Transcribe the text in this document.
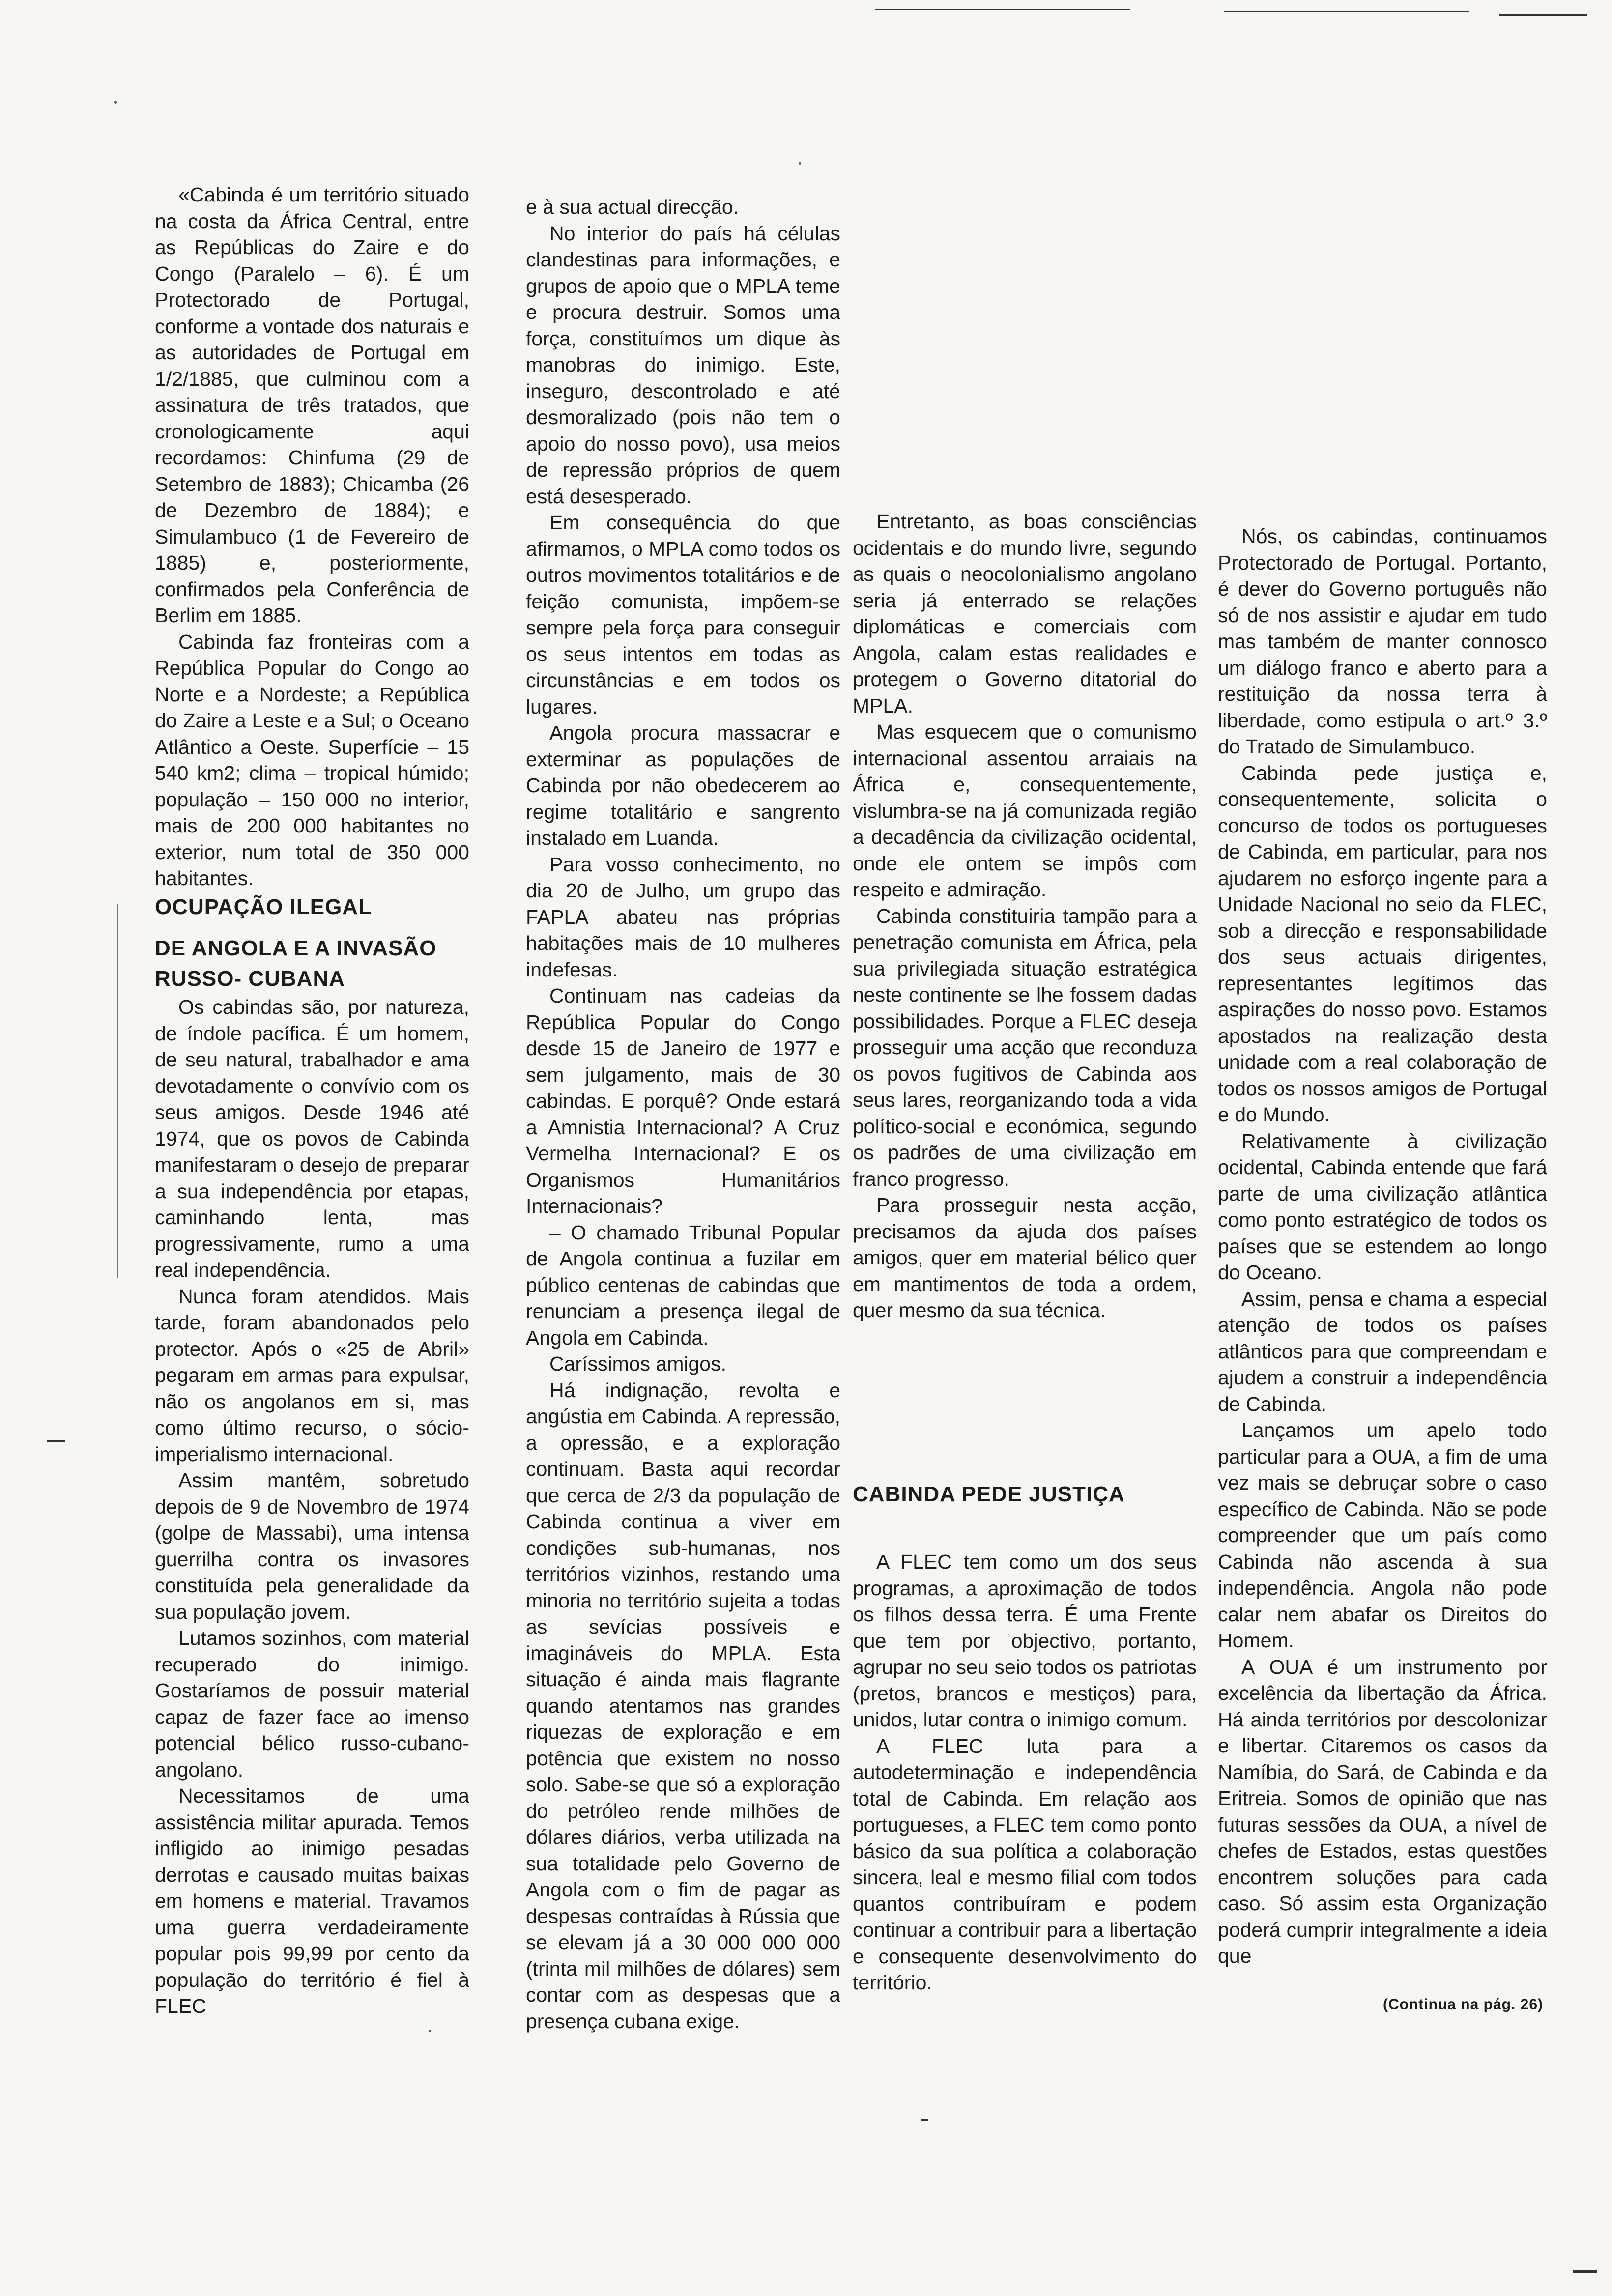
«Cabinda é um território situado na costa da África Central, entre as Repúblicas do Zaire e do Congo (Paralelo – 6). É um Protectorado de Portugal, conforme a vontade dos naturais e as autoridades de Portugal em 1/2/1885, que culminou com a assinatura de três tratados, que cronologicamente aqui recordamos: Chinfuma (29 de Setembro de 1883); Chicamba (26 de Dezembro de 1884); e Simulambuco (1 de Fevereiro de 1885) e, posteriormente, confirmados pela Conferência de Berlim em 1885.

Cabinda faz fronteiras com a República Popular do Congo ao Norte e a Nordeste; a República do Zaire a Leste e a Sul; o Oceano Atlântico a Oeste. Superfície – 15 540 km2; clima – tropical húmido; população – 150 000 no interior, mais de 200 000 habitantes no exterior, num total de 350 000 habitantes.

OCUPAÇÃO ILEGAL
DE ANGOLA E A INVASÃO
RUSSO- CUBANA

Os cabindas são, por natureza, de índole pacífica. É um homem, de seu natural, trabalhador e ama devotadamente o convívio com os seus amigos. Desde 1946 até 1974, que os povos de Cabinda manifestaram o desejo de preparar a sua independência por etapas, caminhando lenta, mas progressivamente, rumo a uma real independência.

Nunca foram atendidos. Mais tarde, foram abandonados pelo protector. Após o «25 de Abril» pegaram em armas para expulsar, não os angolanos em si, mas como último recurso, o sócio-imperialismo internacional.

Assim mantêm, sobretudo depois de 9 de Novembro de 1974 (golpe de Massabi), uma intensa guerrilha contra os invasores constituída pela generalidade da sua população jovem.

Lutamos sozinhos, com material recuperado do inimigo. Gostaríamos de possuir material capaz de fazer face ao imenso potencial bélico russo-cubano-angolano.

Necessitamos de uma assistência militar apurada. Temos infligido ao inimigo pesadas derrotas e causado muitas baixas em homens e material. Travamos uma guerra verdadeiramente popular pois 99,99 por cento da população do território é fiel à FLEC

e à sua actual direcção.

No interior do país há células clandestinas para informações, e grupos de apoio que o MPLA teme e procura destruir. Somos uma força, constituímos um dique às manobras do inimigo. Este, inseguro, descontrolado e até desmoralizado (pois não tem o apoio do nosso povo), usa meios de repressão próprios de quem está desesperado.

Em consequência do que afirmamos, o MPLA como todos os outros movimentos totalitários e de feição comunista, impõem-se sempre pela força para conseguir os seus intentos em todas as circunstâncias e em todos os lugares.

Angola procura massacrar e exterminar as populações de Cabinda por não obedecerem ao regime totalitário e sangrento instalado em Luanda.

Para vosso conhecimento, no dia 20 de Julho, um grupo das FAPLA abateu nas próprias habitações mais de 10 mulheres indefesas.

Continuam nas cadeias da República Popular do Congo desde 15 de Janeiro de 1977 e sem julgamento, mais de 30 cabindas. E porquê? Onde estará a Amnistia Internacional? A Cruz Vermelha Internacional? E os Organismos Humanitários Internacionais?

– O chamado Tribunal Popular de Angola continua a fuzilar em público centenas de cabindas que renunciam a presença ilegal de Angola em Cabinda.

Caríssimos amigos.

Há indignação, revolta e angústia em Cabinda. A repressão, a opressão, e a exploração continuam. Basta aqui recordar que cerca de 2/3 da população de Cabinda continua a viver em condições sub-humanas, nos territórios vizinhos, restando uma minoria no território sujeita a todas as sevícias possíveis e imagináveis do MPLA. Esta situação é ainda mais flagrante quando atentamos nas grandes riquezas de exploração e em potência que existem no nosso solo. Sabe-se que só a exploração do petróleo rende milhões de dólares diários, verba utilizada na sua totalidade pelo Governo de Angola com o fim de pagar as despesas contraídas à Rússia que se elevam já a 30 000 000 000 (trinta mil milhões de dólares) sem contar com as despesas que a presença cubana exige.

Entretanto, as boas consciências ocidentais e do mundo livre, segundo as quais o neocolonialismo angolano seria já enterrado se relações diplomáticas e comerciais com Angola, calam estas realidades e protegem o Governo ditatorial do MPLA.

Mas esquecem que o comunismo internacional assentou arraiais na África e, consequentemente, vislumbra-se na já comunizada região a decadência da civilização ocidental, onde ele ontem se impôs com respeito e admiração.

Cabinda constituiria tampão para a penetração comunista em África, pela sua privilegiada situação estratégica neste continente se lhe fossem dadas possibilidades. Porque a FLEC deseja prosseguir uma acção que reconduza os povos fugitivos de Cabinda aos seus lares, reorganizando toda a vida político-social e económica, segundo os padrões de uma civilização em franco progresso.

Para prosseguir nesta acção, precisamos da ajuda dos países amigos, quer em material bélico quer em mantimentos de toda a ordem, quer mesmo da sua técnica.

CABINDA PEDE JUSTIÇA

A FLEC tem como um dos seus programas, a aproximação de todos os filhos dessa terra. É uma Frente que tem por objectivo, portanto, agrupar no seu seio todos os patriotas (pretos, brancos e mestiços) para, unidos, lutar contra o inimigo comum.

A FLEC luta para a autodeterminação e independência total de Cabinda. Em relação aos portugueses, a FLEC tem como ponto básico da sua política a colaboração sincera, leal e mesmo filial com todos quantos contribuíram e podem continuar a contribuir para a libertação e consequente desenvolvimento do território.

Nós, os cabindas, continuamos Protectorado de Portugal. Portanto, é dever do Governo português não só de nos assistir e ajudar em tudo mas também de manter connosco um diálogo franco e aberto para a restituição da nossa terra à liberdade, como estipula o art.º 3.º do Tratado de Simulambuco.

Cabinda pede justiça e, consequentemente, solicita o concurso de todos os portugueses de Cabinda, em particular, para nos ajudarem no esforço ingente para a Unidade Nacional no seio da FLEC, sob a direcção e responsabilidade dos seus actuais dirigentes, representantes legítimos das aspirações do nosso povo. Estamos apostados na realização desta unidade com a real colaboração de todos os nossos amigos de Portugal e do Mundo.

Relativamente à civilização ocidental, Cabinda entende que fará parte de uma civilização atlântica como ponto estratégico de todos os países que se estendem ao longo do Oceano.

Assim, pensa e chama a especial atenção de todos os países atlânticos para que compreendam e ajudem a construir a independência de Cabinda.

Lançamos um apelo todo particular para a OUA, a fim de uma vez mais se debruçar sobre o caso específico de Cabinda. Não se pode compreender que um país como Cabinda não ascenda à sua independência. Angola não pode calar nem abafar os Direitos do Homem.

A OUA é um instrumento por excelência da libertação da África. Há ainda territórios por descolonizar e libertar. Citaremos os casos da Namíbia, do Sará, de Cabinda e da Eritreia. Somos de opinião que nas futuras sessões da OUA, a nível de chefes de Estados, estas questões encontrem soluções para cada caso. Só assim esta Organização poderá cumprir integralmente a ideia que

(Continua na pág. 26)
